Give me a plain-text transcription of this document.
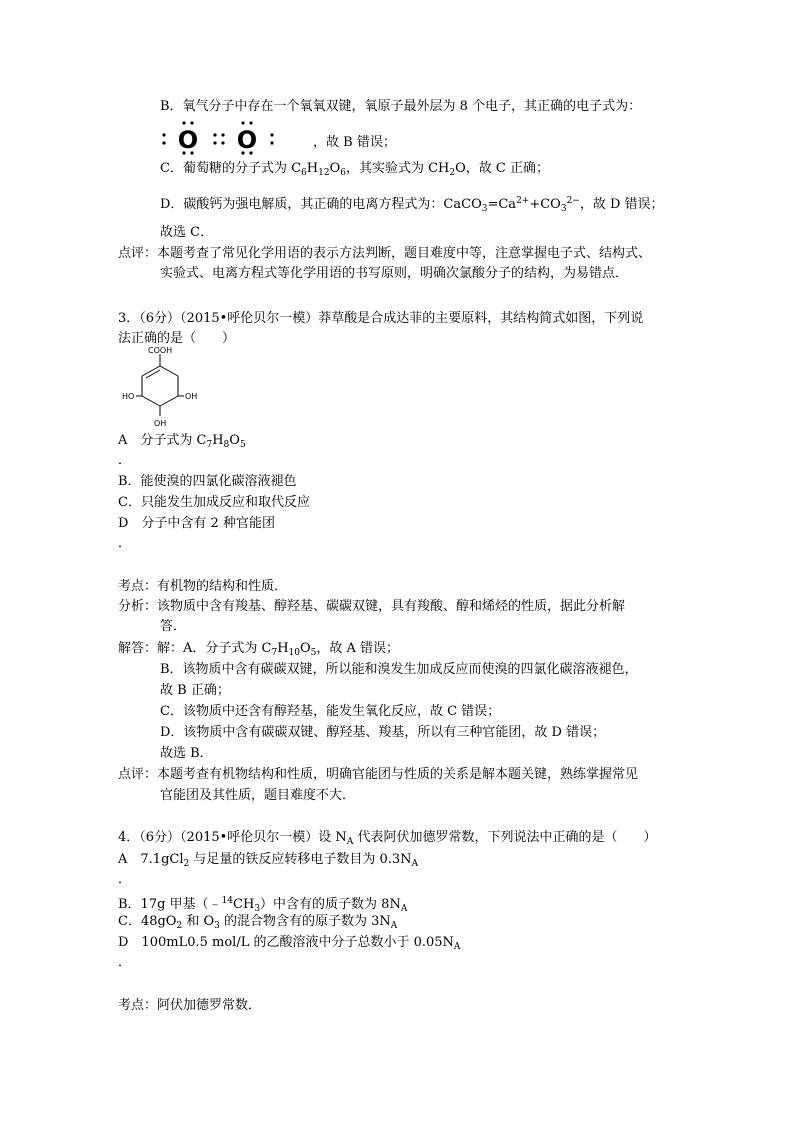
B．氧气分子中存在一个氧氧双键，氧原子最外层为 8 个电子，其正确的电子式为：
O O	，故 B 错误；
C．葡萄糖的分子式为 $C_6H_{12}O_6$，其实验式为 $CH_2O$，故 C 正确；
D．碳酸钙为强电解质，其正确的电离方程式为：$CaCO_3=Ca^{2+}+CO_3^{2-}$，故 D 错误；
故选 C．
点评：本题考查了常见化学用语的表示方法判断，题目难度中等，注意掌握电子式、结构式、
实验式、电离方程式等化学用语的书写原则，明确次氯酸分子的结构，为易错点．
3．（6分）（2015•呼伦贝尔一模）莽草酸是合成达菲的主要原料，其结构简式如图，下列说
法正确的是（　　）
COOH
HO	OH
OH
A　分子式为 $C_7H_8O_5$
．
B．能使溴的四氯化碳溶液褪色
C．只能发生加成反应和取代反应
D　分子中含有 2 种官能团
．
考点：有机物的结构和性质．
分析：该物质中含有羧基、醇羟基、碳碳双键，具有羧酸、醇和烯烃的性质，据此分析解
答．
解答：解：A．分子式为 $C_7H_{10}O_5$，故 A 错误；
B．该物质中含有碳碳双键，所以能和溴发生加成反应而使溴的四氯化碳溶液褪色，
故 B 正确；
C．该物质中还含有醇羟基，能发生氧化反应，故 C 错误；
D．该物质中含有碳碳双键、醇羟基、羧基，所以有三种官能团，故 D 错误；
故选 B．
点评：本题考查有机物结构和性质，明确官能团与性质的关系是解本题关键，熟练掌握常见
官能团及其性质，题目难度不大．
4．（6分）（2015•呼伦贝尔一模）设 $N_A$ 代表阿伏加德罗常数，下列说法中正确的是（　　）
A　7.1gCl$_2$ 与足量的铁反应转移电子数目为 $0.3N_A$
．
B．17g 甲基$(﹣^{14}CH_3)$中含有的质子数为 $8N_A$
C．$48gO_2$ 和 $O_3$ 的混合物含有的原子数为 $3N_A$
D　100mL0.5 mol/L 的乙酸溶液中分子总数小于 $0.05N_A$
．
考点：阿伏加德罗常数．
